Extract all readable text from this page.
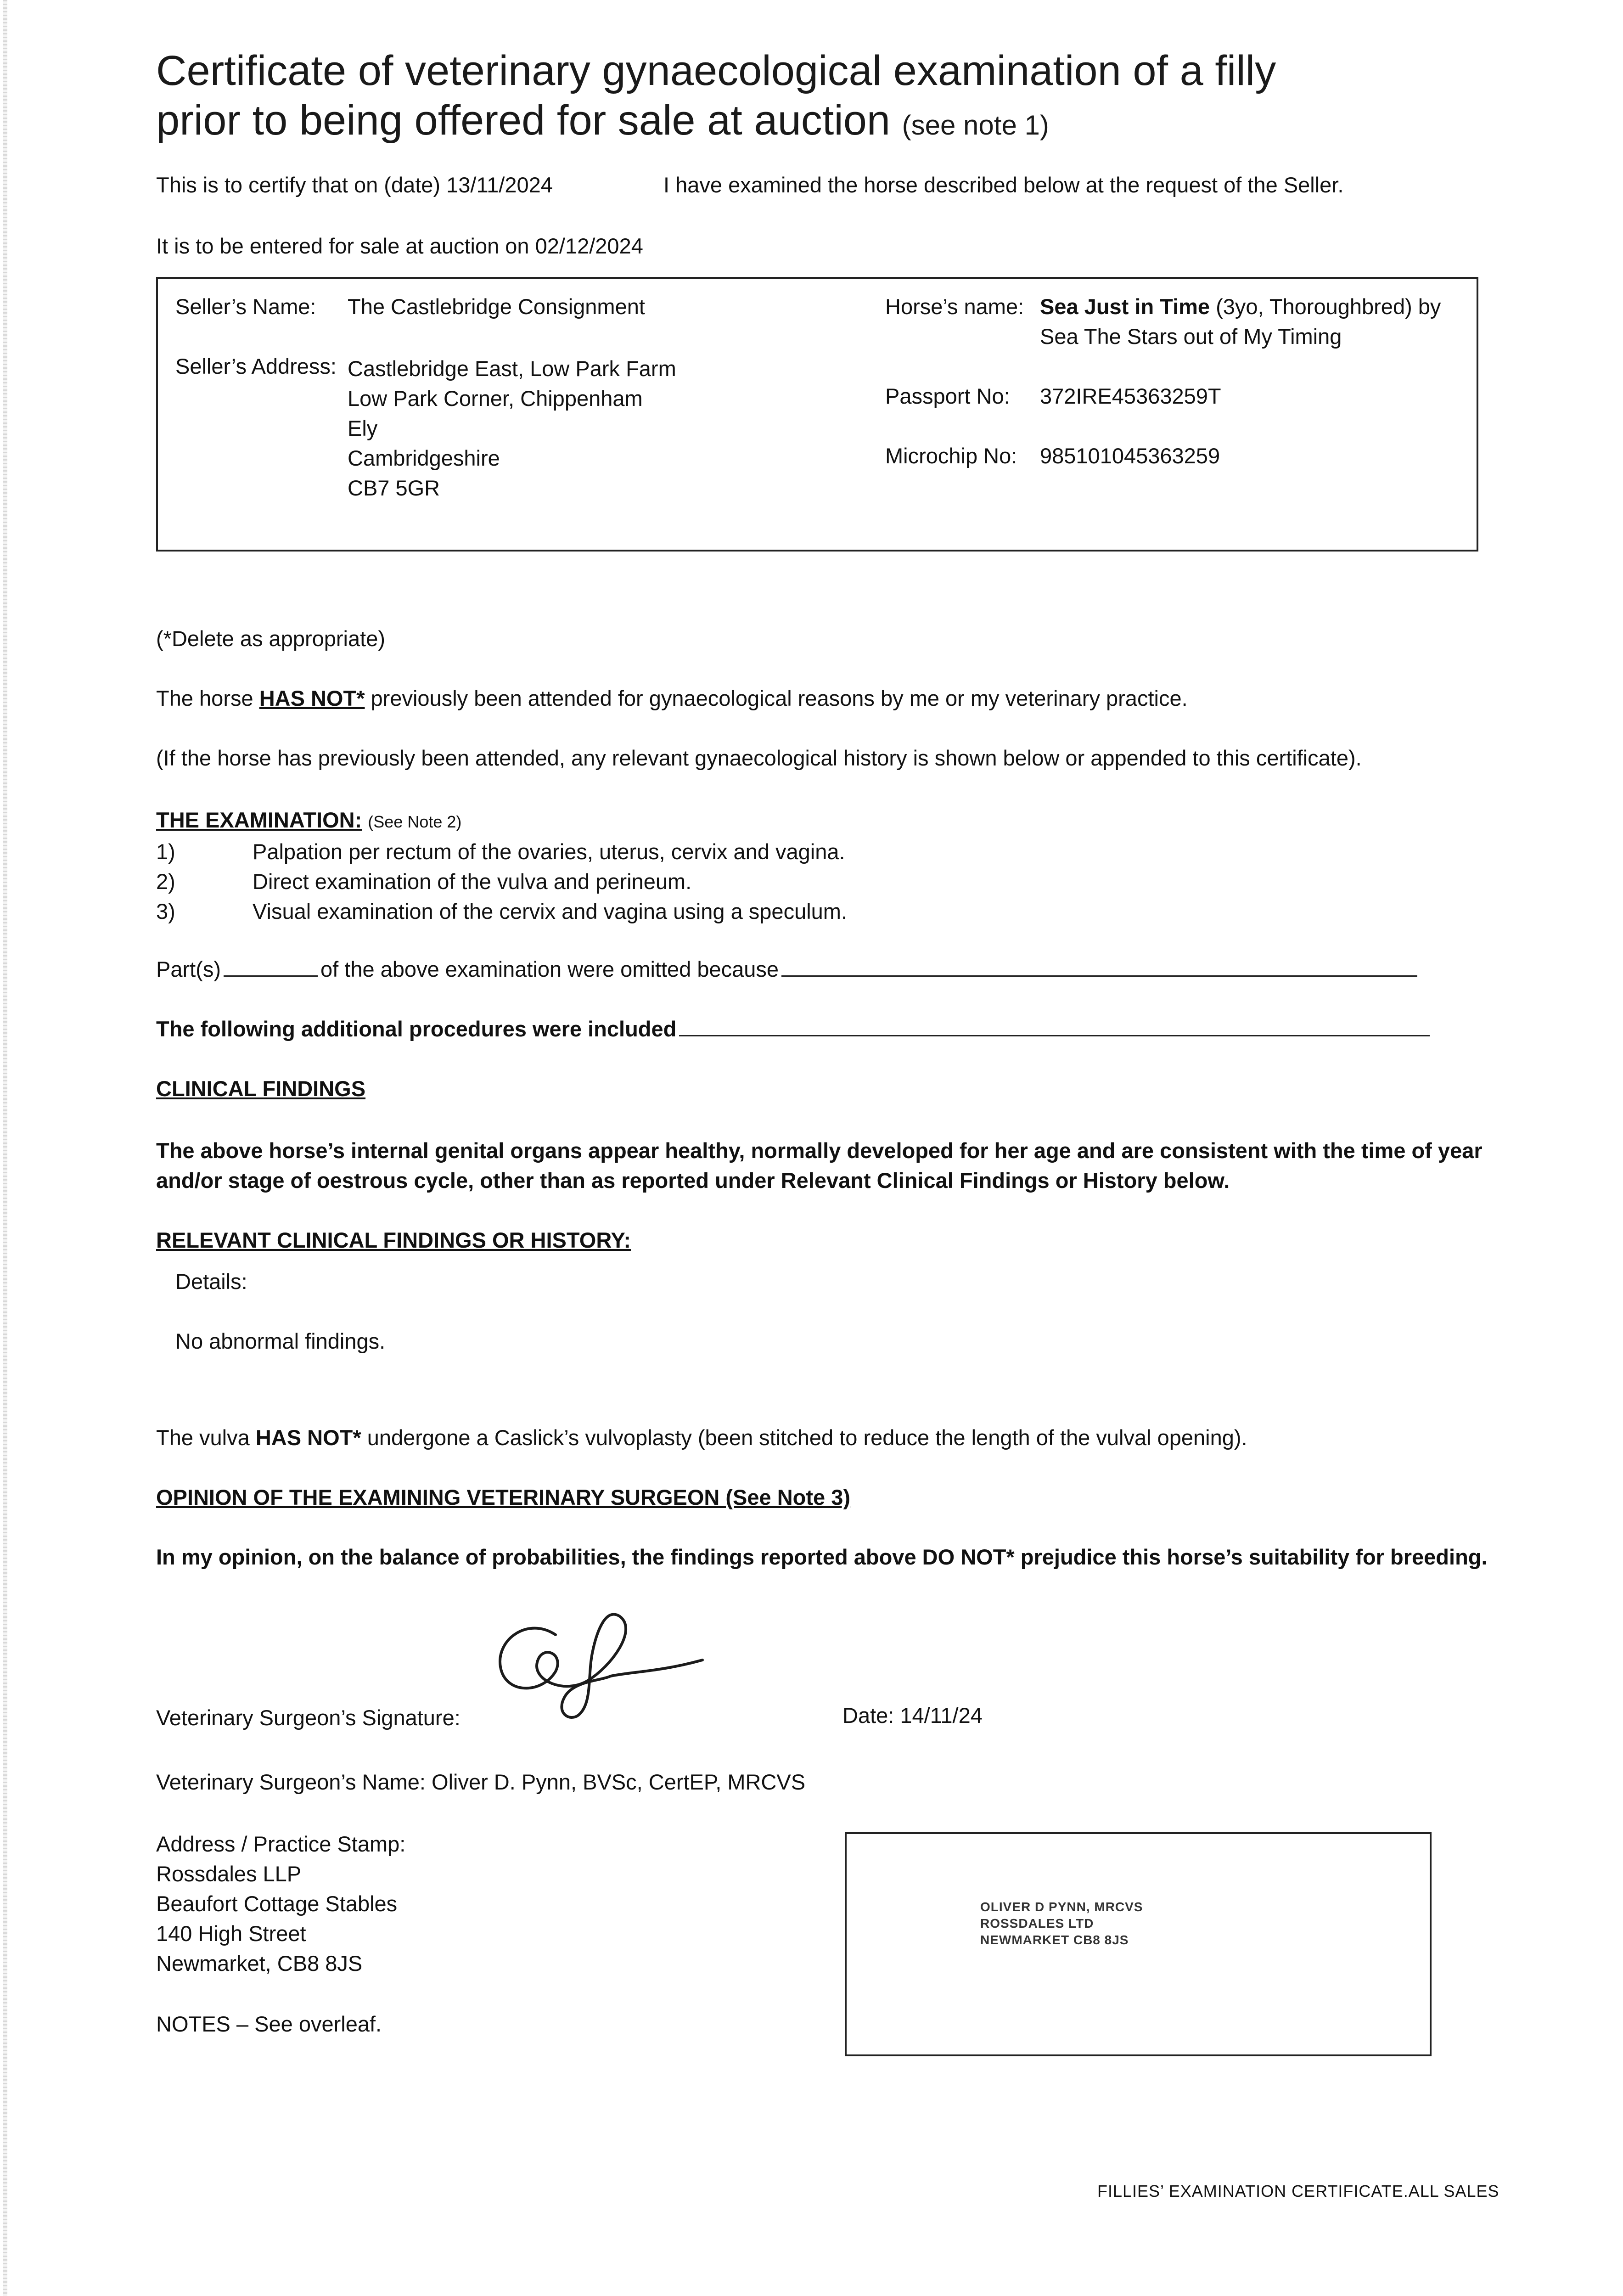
Certificate of veterinary gynaecological examination of a filly
prior to being offered for sale at auction (see note 1)
This is to certify that on (date) 13/11/2024	I have examined the horse described below at the request of the Seller.
It is to be entered for sale at auction on 02/12/2024
Seller’s Name: The Castlebridge Consignment
Seller’s Address: Castlebridge East, Low Park Farm
Low Park Corner, Chippenham
Ely
Cambridgeshire
CB7 5GR
Horse’s name: Sea Just in Time (3yo, Thoroughbred) by
Sea The Stars out of My Timing
Passport No: 372IRE45363259T
Microchip No: 985101045363259
(*Delete as appropriate)
The horse HAS NOT* previously been attended for gynaecological reasons by me or my veterinary practice.
(If the horse has previously been attended, any relevant gynaecological history is shown below or appended to this certificate).
THE EXAMINATION: (See Note 2)
1)	Palpation per rectum of the ovaries, uterus, cervix and vagina.
2)	Direct examination of the vulva and perineum.
3)	Visual examination of the cervix and vagina using a speculum.
Part(s)	of the above examination were omitted because
The following additional procedures were included
CLINICAL FINDINGS
The above horse’s internal genital organs appear healthy, normally developed for her age and are consistent with the time of year
and/or stage of oestrous cycle, other than as reported under Relevant Clinical Findings or History below.
RELEVANT CLINICAL FINDINGS OR HISTORY:
Details:
No abnormal findings.
The vulva HAS NOT* undergone a Caslick’s vulvoplasty (been stitched to reduce the length of the vulval opening).
OPINION OF THE EXAMINING VETERINARY SURGEON (See Note 3)
In my opinion, on the balance of probabilities, the findings reported above DO NOT* prejudice this horse’s suitability for breeding.
Veterinary Surgeon’s Signature:	Date: 14/11/24
Veterinary Surgeon’s Name: Oliver D. Pynn, BVSc, CertEP, MRCVS
Address / Practice Stamp:
Rossdales LLP
Beaufort Cottage Stables
140 High Street
Newmarket, CB8 8JS
OLIVER D PYNN, MRCVS
ROSSDALES LTD
NEWMARKET CB8 8JS
NOTES – See overleaf.
FILLIES’ EXAMINATION CERTIFICATE.ALL SALES
